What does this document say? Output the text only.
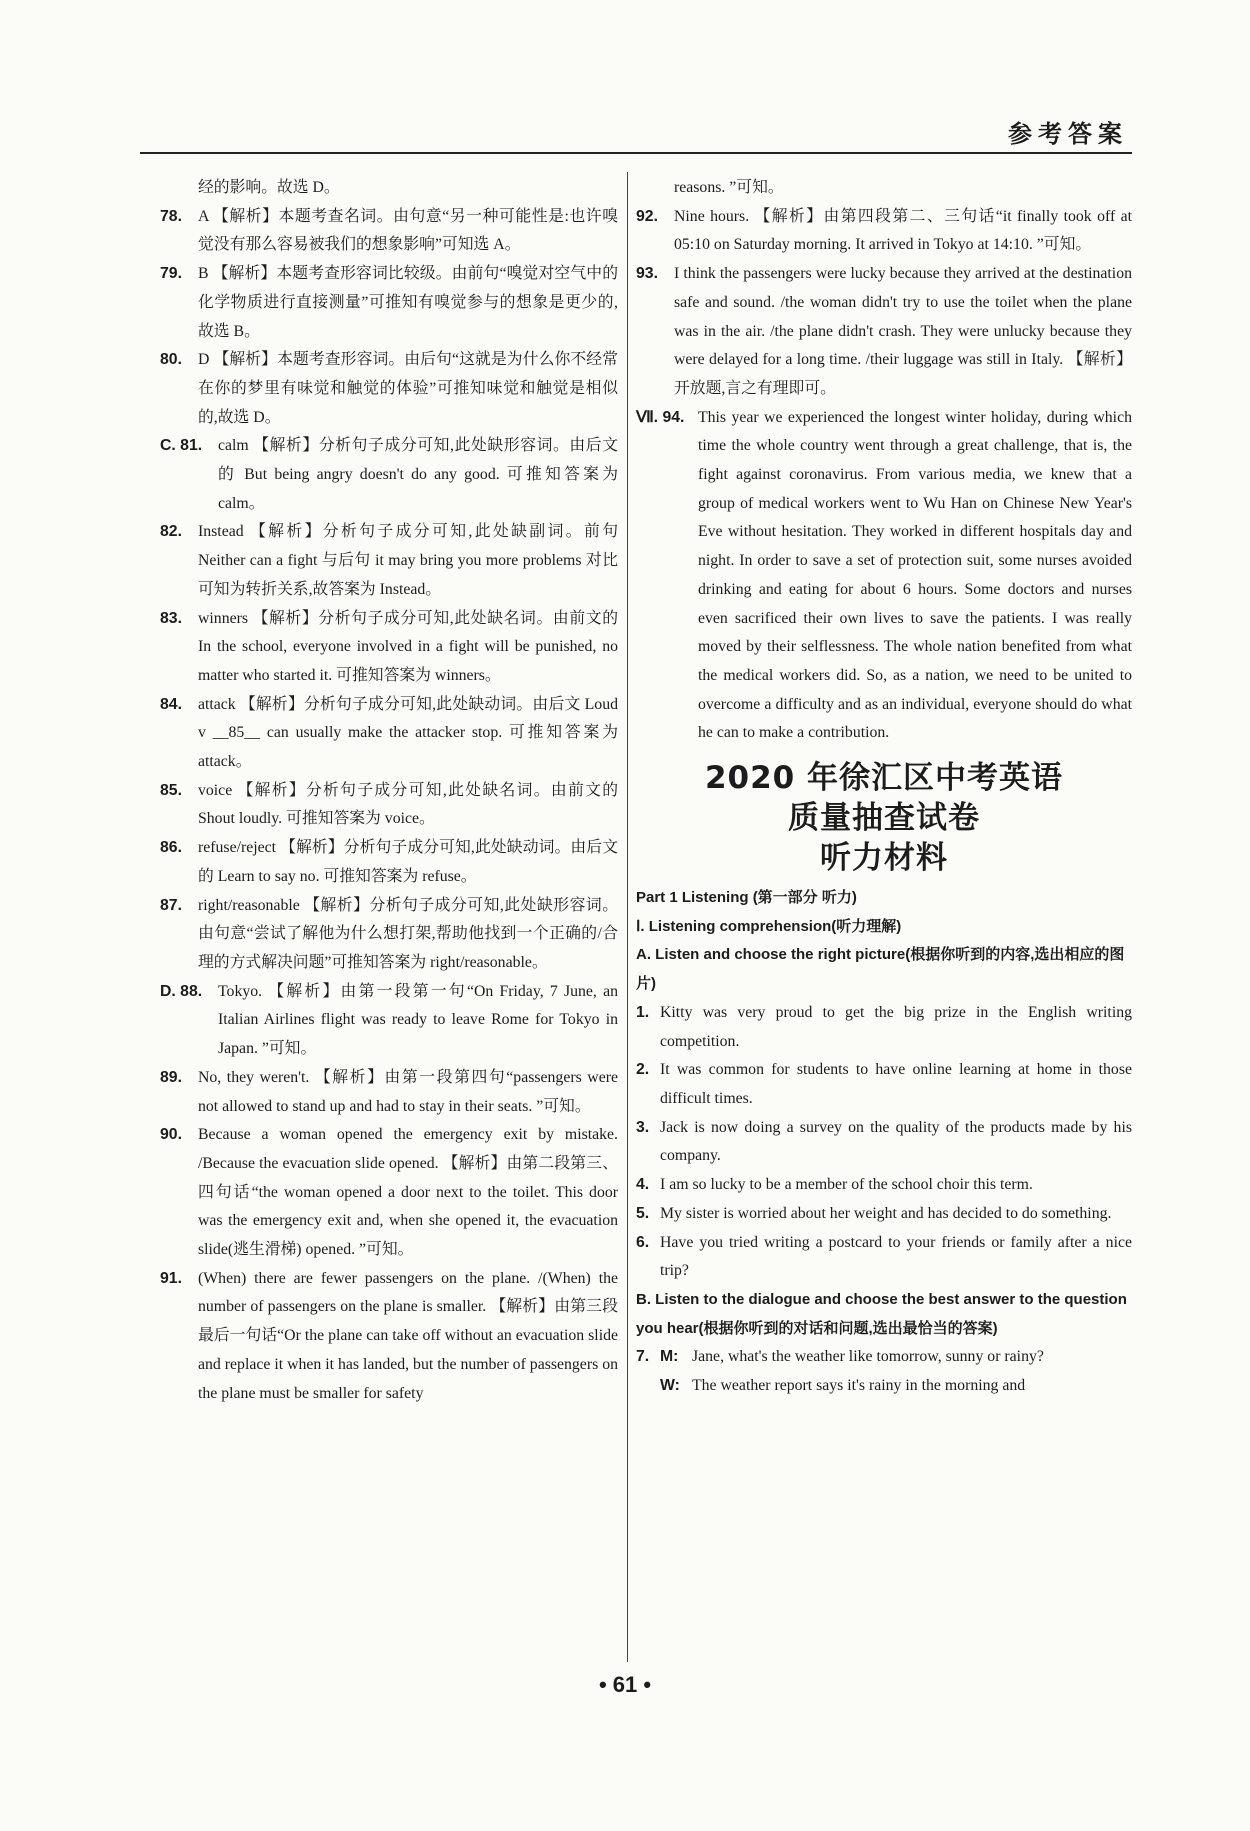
参考答案
经的影响。故选 D。
78.	A 【解析】本题考查名词。由句意“另一种可能性是:也许嗅觉没有那么容易被我们的想象影响”可知选 A。
79.	B 【解析】本题考查形容词比较级。由前句“嗅觉对空气中的化学物质进行直接测量”可推知有嗅觉参与的想象是更少的,故选 B。
80.	D 【解析】本题考查形容词。由后句“这就是为什么你不经常在你的梦里有味觉和触觉的体验”可推知味觉和触觉是相似的,故选 D。
C. 81.	calm 【解析】分析句子成分可知,此处缺形容词。由后文的 But being angry doesn't do any good. 可推知答案为 calm。
82.	Instead 【解析】分析句子成分可知,此处缺副词。前句 Neither can a fight 与后句 it may bring you more problems 对比可知为转折关系,故答案为 Instead。
83.	winners 【解析】分析句子成分可知,此处缺名词。由前文的 In the school, everyone involved in a fight will be punished, no matter who started it. 可推知答案为 winners。
84.	attack 【解析】分析句子成分可知,此处缺动词。由后文 Loud v __85__ can usually make the attacker stop. 可推知答案为 attack。
85.	voice 【解析】分析句子成分可知,此处缺名词。由前文的 Shout loudly. 可推知答案为 voice。
86.	refuse/reject 【解析】分析句子成分可知,此处缺动词。由后文的 Learn to say no. 可推知答案为 refuse。
87.	right/reasonable 【解析】分析句子成分可知,此处缺形容词。由句意“尝试了解他为什么想打架,帮助他找到一个正确的/合理的方式解决问题”可推知答案为 right/reasonable。
D. 88.	Tokyo. 【解析】由第一段第一句“On Friday, 7 June, an Italian Airlines flight was ready to leave Rome for Tokyo in Japan. ”可知。
89.	No, they weren't. 【解析】由第一段第四句“passengers were not allowed to stand up and had to stay in their seats. ”可知。
90.	Because a woman opened the emergency exit by mistake. /Because the evacuation slide opened. 【解析】由第二段第三、四句话“the woman opened a door next to the toilet. This door was the emergency exit and, when she opened it, the evacuation slide(逃生滑梯) opened. ”可知。
91.	(When) there are fewer passengers on the plane. /(When) the number of passengers on the plane is smaller. 【解析】由第三段最后一句话“Or the plane can take off without an evacuation slide and replace it when it has landed, but the number of passengers on the plane must be smaller for safety
reasons. ”可知。
92.	Nine hours. 【解析】由第四段第二、三句话“it finally took off at 05:10 on Saturday morning. It arrived in Tokyo at 14:10. ”可知。
93.	I think the passengers were lucky because they arrived at the destination safe and sound. /the woman didn't try to use the toilet when the plane was in the air. /the plane didn't crash. They were unlucky because they were delayed for a long time. /their luggage was still in Italy. 【解析】开放题,言之有理即可。
Ⅶ. 94. This year we experienced the longest winter holiday, during which time the whole country went through a great challenge, that is, the fight against coronavirus. From various media, we knew that a group of medical workers went to Wu Han on Chinese New Year's Eve without hesitation. They worked in different hospitals day and night. In order to save a set of protection suit, some nurses avoided drinking and eating for about 6 hours. Some doctors and nurses even sacrificed their own lives to save the patients. I was really moved by their selflessness. The whole nation benefited from what the medical workers did. So, as a nation, we need to be united to overcome a difficulty and as an individual, everyone should do what he can to make a contribution.
2020 年徐汇区中考英语
质量抽查试卷
听力材料
Part 1 Listening (第一部分 听力)
Ⅰ. Listening comprehension(听力理解)
A. Listen and choose the right picture(根据你听到的内容,选出相应的图片)
1. Kitty was very proud to get the big prize in the English writing competition.
2. It was common for students to have online learning at home in those difficult times.
3. Jack is now doing a survey on the quality of the products made by his company.
4. I am so lucky to be a member of the school choir this term.
5. My sister is worried about her weight and has decided to do something.
6. Have you tried writing a postcard to your friends or family after a nice trip?
B. Listen to the dialogue and choose the best answer to the question you hear(根据你听到的对话和问题,选出最恰当的答案)
7. M: Jane, what's the weather like tomorrow, sunny or rainy?
W: The weather report says it's rainy in the morning and
• 61 •
